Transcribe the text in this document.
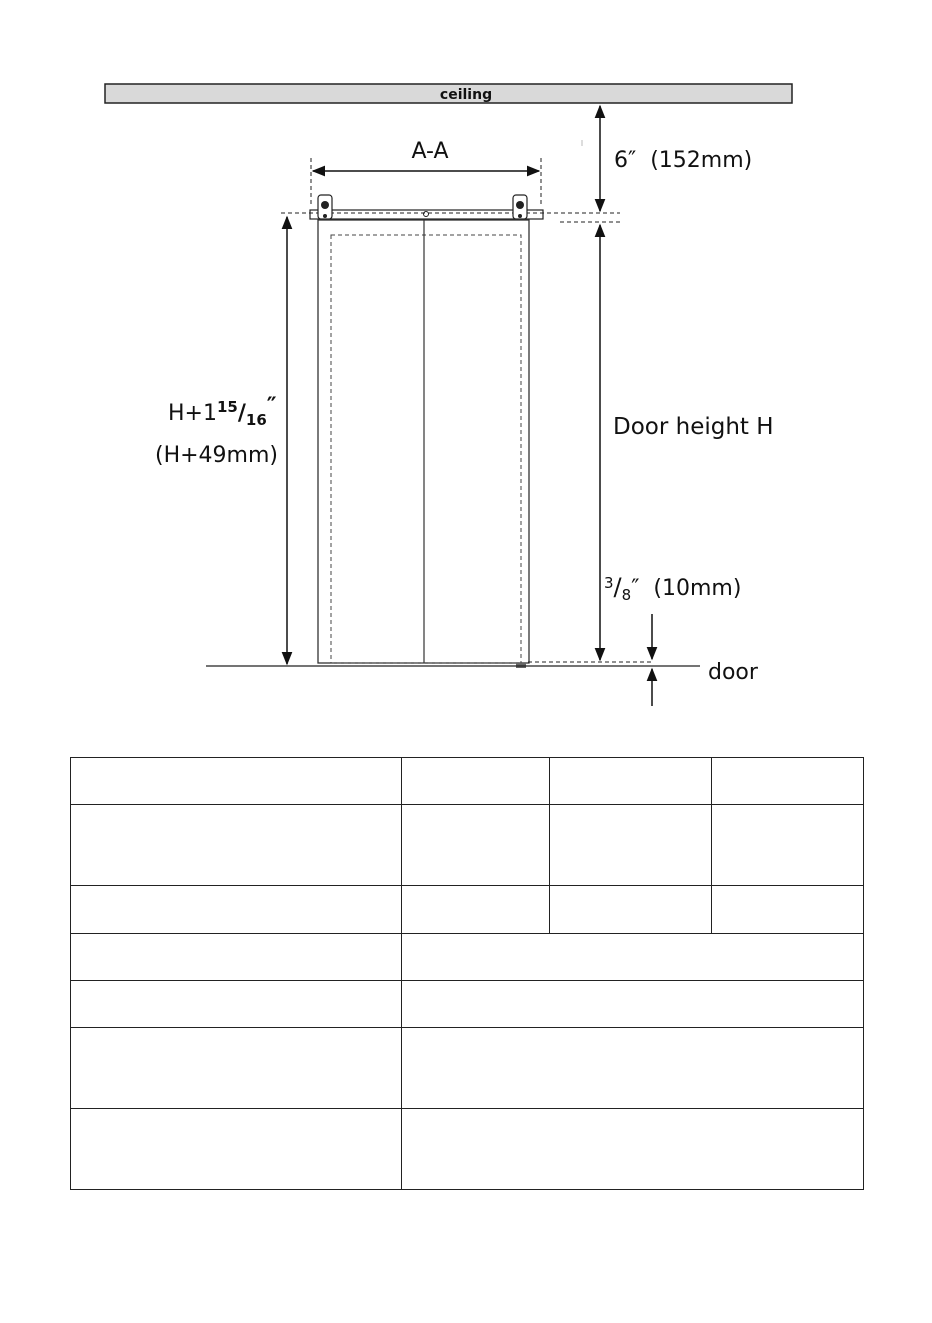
ceiling
A-A	6″  (152mm)
Door height H
$H+1^{15}/_{16}''$
(H+49mm)
$^3/_8''$  (10mm)
door
